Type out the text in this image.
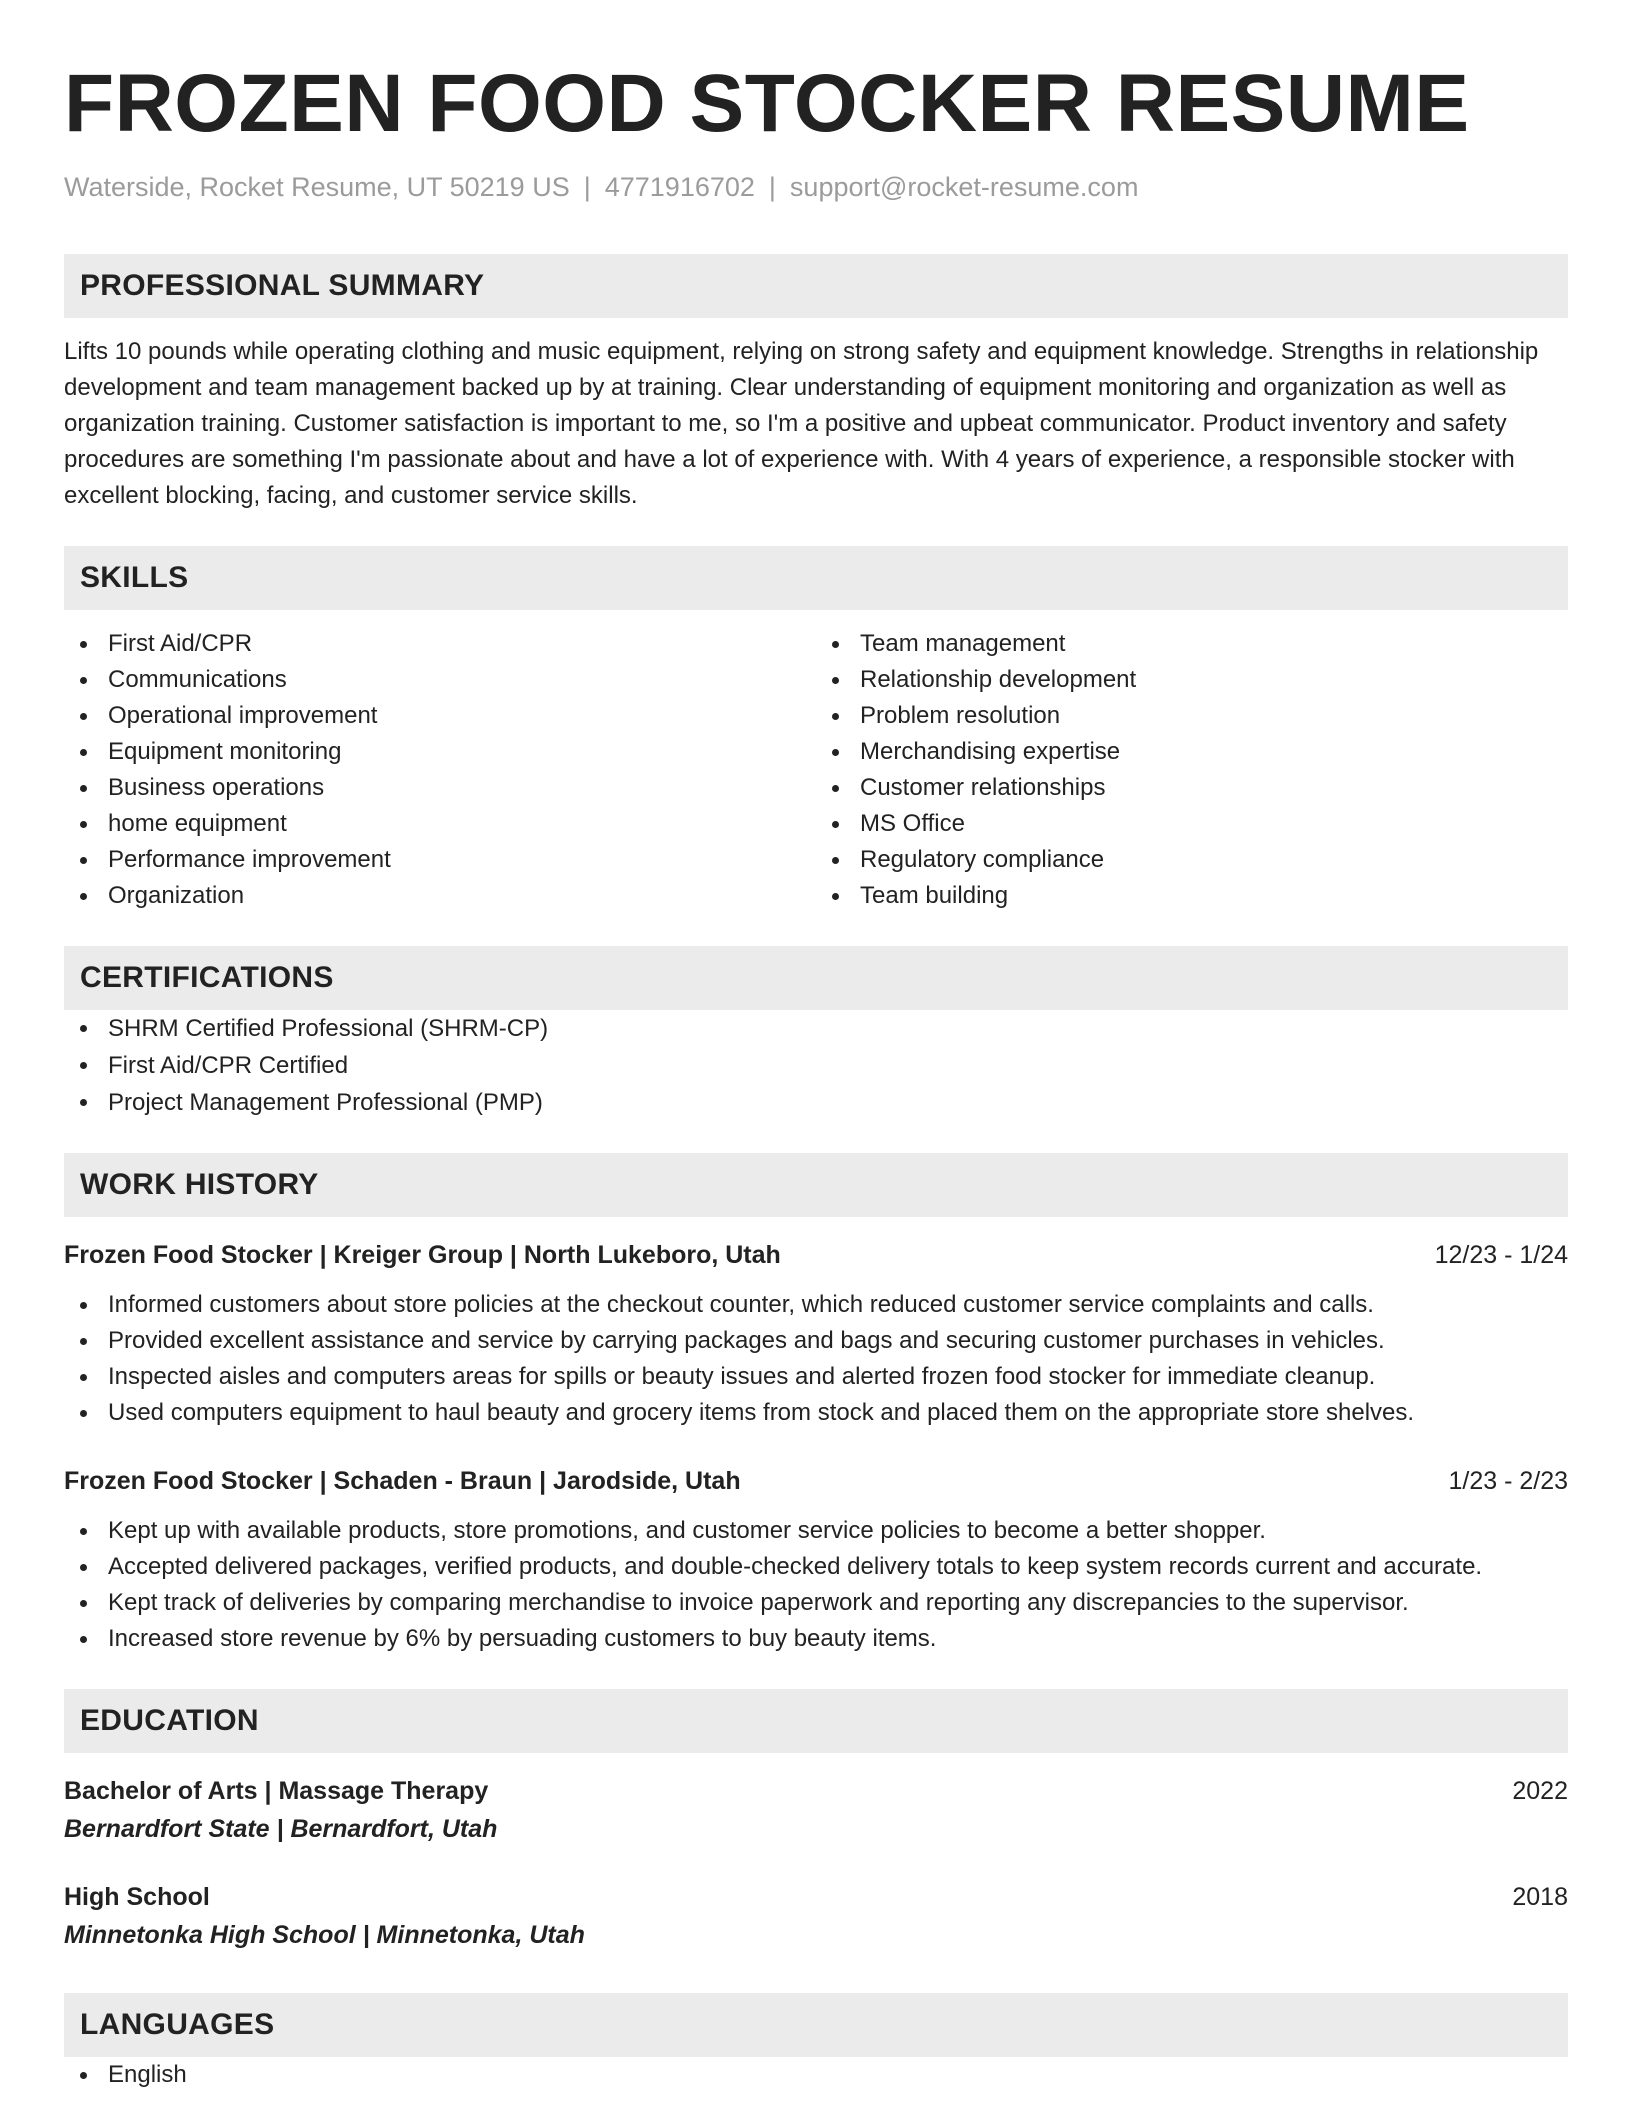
FROZEN FOOD STOCKER RESUME
Waterside, Rocket Resume, UT 50219 US | 4771916702 | support@rocket-resume.com
PROFESSIONAL SUMMARY

Lifts 10 pounds while operating clothing and music equipment, relying on strong safety and equipment knowledge. Strengths in relationship development and team management backed up by at training. Clear understanding of equipment monitoring and organization as well as organization training. Customer satisfaction is important to me, so I'm a positive and upbeat communicator. Product inventory and safety procedures are something I'm passionate about and have a lot of experience with. With 4 years of experience, a responsible stocker with excellent blocking, facing, and customer service skills.

SKILLS
First Aid/CPR
Communications
Operational improvement
Equipment monitoring
Business operations
home equipment
Performance improvement
Organization
Team management
Relationship development
Problem resolution
Merchandising expertise
Customer relationships
MS Office
Regulatory compliance
Team building
CERTIFICATIONS
SHRM Certified Professional (SHRM-CP)
First Aid/CPR Certified
Project Management Professional (PMP)
WORK HISTORY
Frozen Food Stocker | Kreiger Group | North Lukeboro, Utah	12/23 - 1/24
Informed customers about store policies at the checkout counter, which reduced customer service complaints and calls.
Provided excellent assistance and service by carrying packages and bags and securing customer purchases in vehicles.
Inspected aisles and computers areas for spills or beauty issues and alerted frozen food stocker for immediate cleanup.
Used computers equipment to haul beauty and grocery items from stock and placed them on the appropriate store shelves.
Frozen Food Stocker | Schaden - Braun | Jarodside, Utah	1/23 - 2/23
Kept up with available products, store promotions, and customer service policies to become a better shopper.
Accepted delivered packages, verified products, and double-checked delivery totals to keep system records current and accurate.
Kept track of deliveries by comparing merchandise to invoice paperwork and reporting any discrepancies to the supervisor.
Increased store revenue by 6% by persuading customers to buy beauty items.
EDUCATION
Bachelor of Arts | Massage Therapy	2022
Bernardfort State | Bernardfort, Utah
High School	2018
Minnetonka High School | Minnetonka, Utah
LANGUAGES
English
